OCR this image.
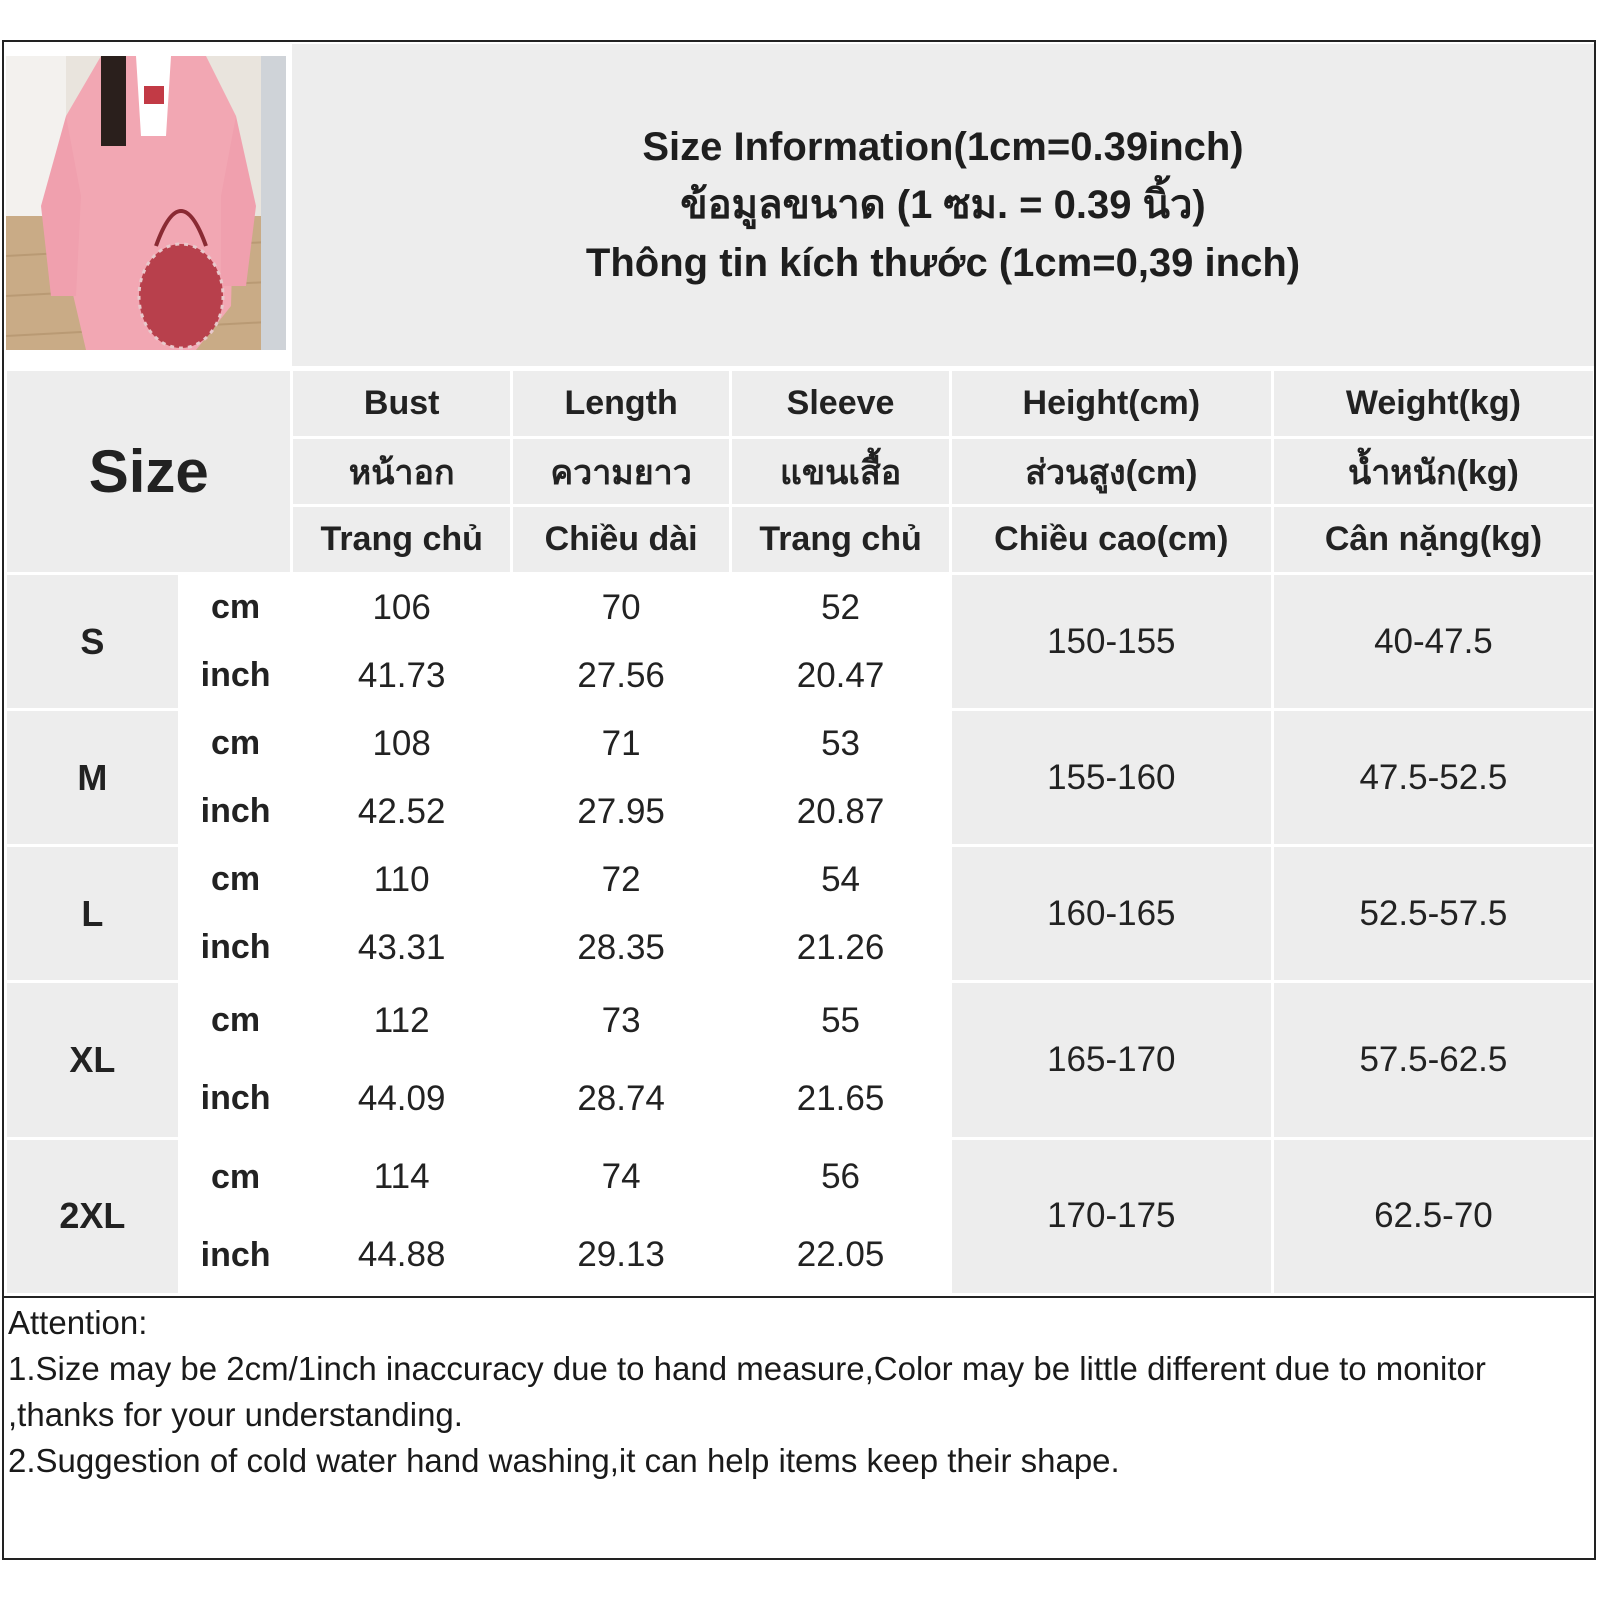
Size Information(1cm=0.39inch)
ข้อมูลขนาด (1 ซม. = 0.39 นิ้ว)
Thông tin kích thước (1cm=0,39 inch)
Size		Bust	Length	Sleeve	Height(cm)	Weight(kg)
		หน้าอก	ความยาว	แขนเสื้อ	ส่วนสูง(cm)	น้ำหนัก(kg)
		Trang chủ	Chiều dài	Trang chủ	Chiều cao(cm)	Cân nặng(kg)
S	cm	106	70	52	150-155	40-47.5
	inch	41.73	27.56	20.47		
M	cm	108	71	53	155-160	47.5-52.5
	inch	42.52	27.95	20.87		
L	cm	110	72	54	160-165	52.5-57.5
	inch	43.31	28.35	21.26		
XL	cm	112	73	55	165-170	57.5-62.5
	inch	44.09	28.74	21.65		
2XL	cm	114	74	56	170-175	62.5-70
	inch	44.88	29.13	22.05		
Attention:
1.Size may be 2cm/1inch inaccuracy due to hand measure,Color may be little different due to monitor ,thanks for your understanding.
2.Suggestion of cold water hand washing,it can help items keep their shape.
